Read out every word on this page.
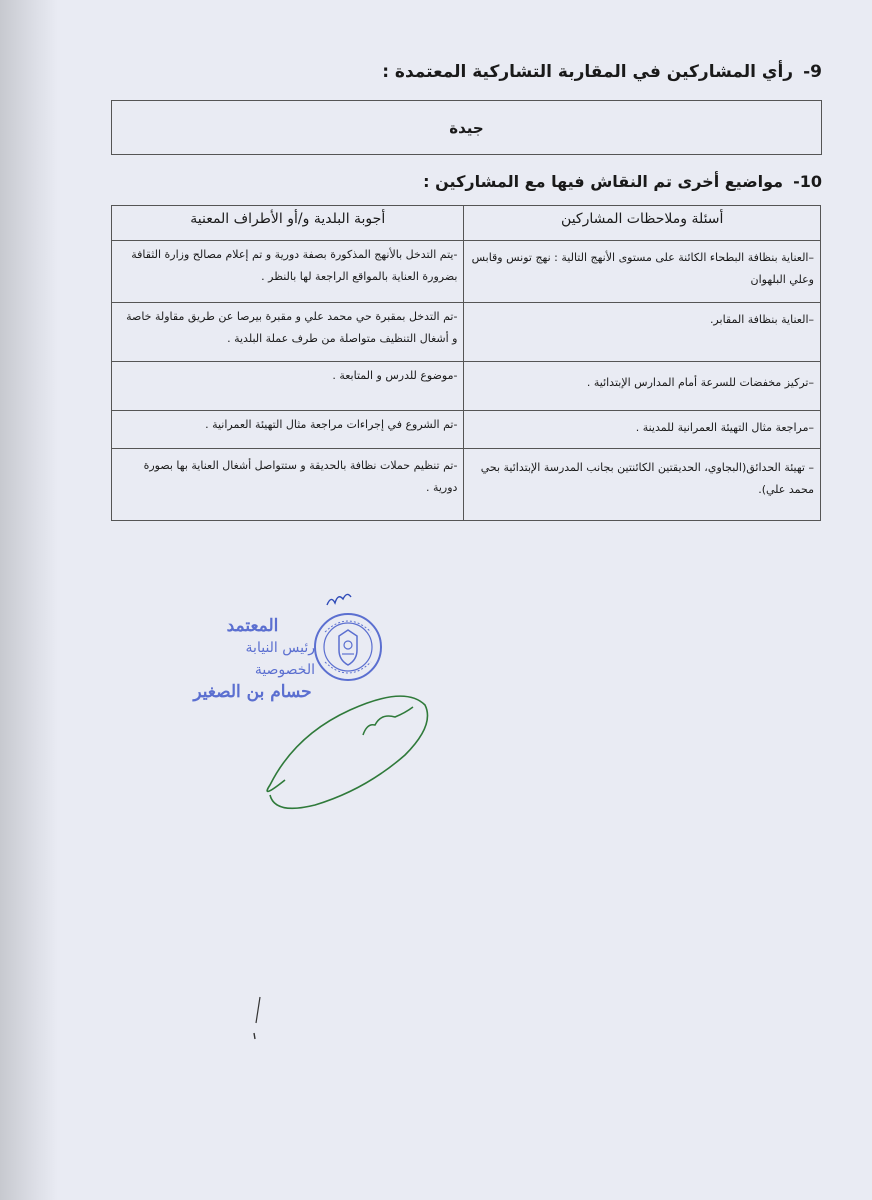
9-رأي المشاركين في المقاربة التشاركية المعتمدة :
جيدة
10-مواضيع أخرى تم النقاش فيها مع المشاركين :
أسئلة وملاحظات المشاركين	أجوبة البلدية و/أو الأطراف المعنية
–العناية بنظافة البطحاء الكائنة على مستوى الأنهج التالية : نهج تونس وقابس وعلي البلهوان	-يتم التدخل بالأنهج المذكورة بصفة دورية و تم إعلام مصالح وزارة الثقافة بضرورة العناية بالمواقع الراجعة لها بالنظر .
–العناية بنظافة المقابر.	-تم التدخل بمقبرة حي محمد علي و مقبرة بيرصا عن طريق مقاولة خاصة و أشغال التنظيف متواصلة من طرف عملة البلدية .
–تركيز مخفضات للسرعة أمام المدارس الإبتدائية .	-موضوع للدرس و المتابعة .
–مراجعة مثال التهيئة العمرانية للمدينة .	-تم الشروع في إجراءات مراجعة مثال التهيئة العمرانية .
– تهيئة الحدائق(البجاوي، الحديقتين الكائنتين بجانب المدرسة الإبتدائية بحي محمد علي).	-تم تنظيم حملات نظافة بالحديقة و ستتواصل أشغال العناية بها بصورة دورية .
المعتمد
رئيس النيابة الخصوصية
حسام بن الصغير
